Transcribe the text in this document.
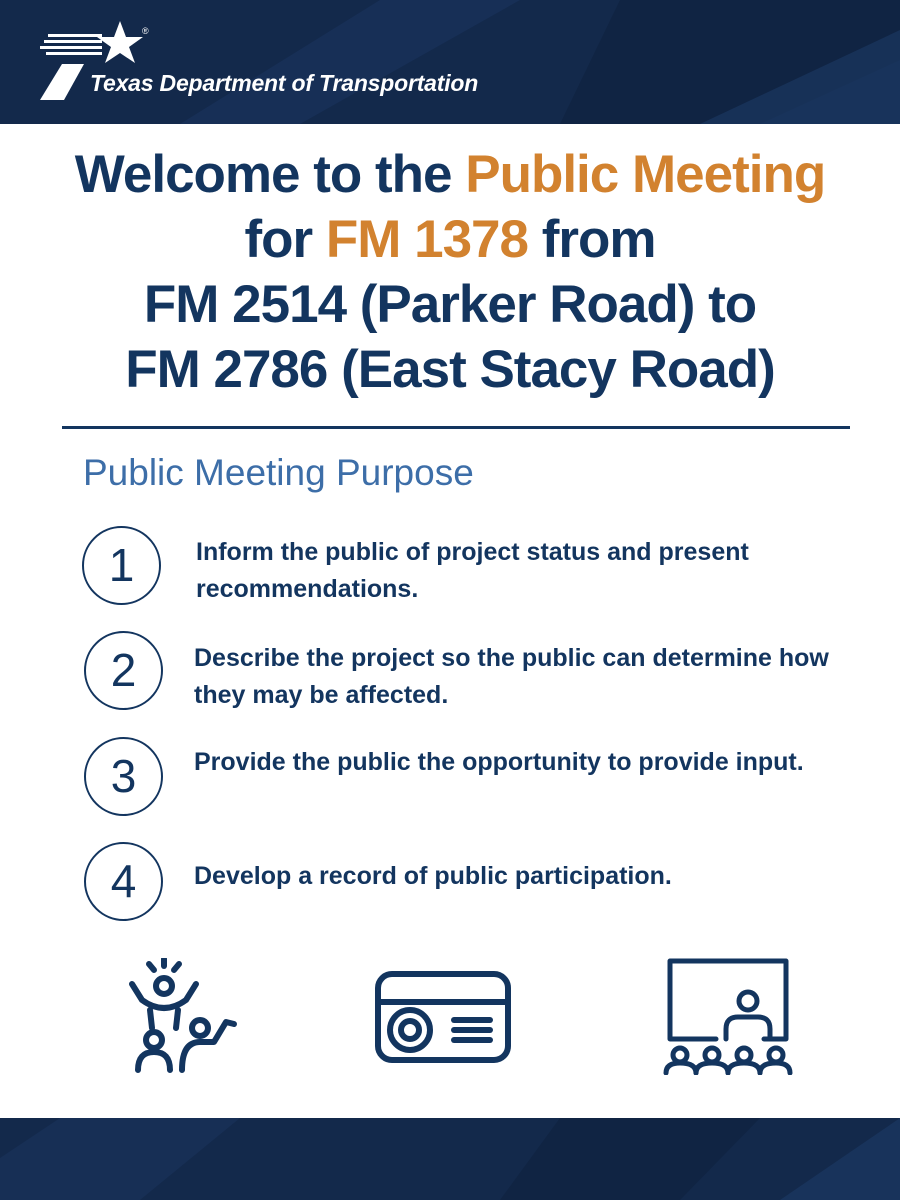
®
Texas Department of Transportation
Welcome to the Public Meeting
for FM 1378 from
FM 2514 (Parker Road) to
FM 2786 (East Stacy Road)
Public Meeting Purpose
1	Inform the public of project status and present recommendations.
2	Describe the project so the public can determine how they may be affected.
3	Provide the public the opportunity to provide input.
4	Develop a record of public participation.
